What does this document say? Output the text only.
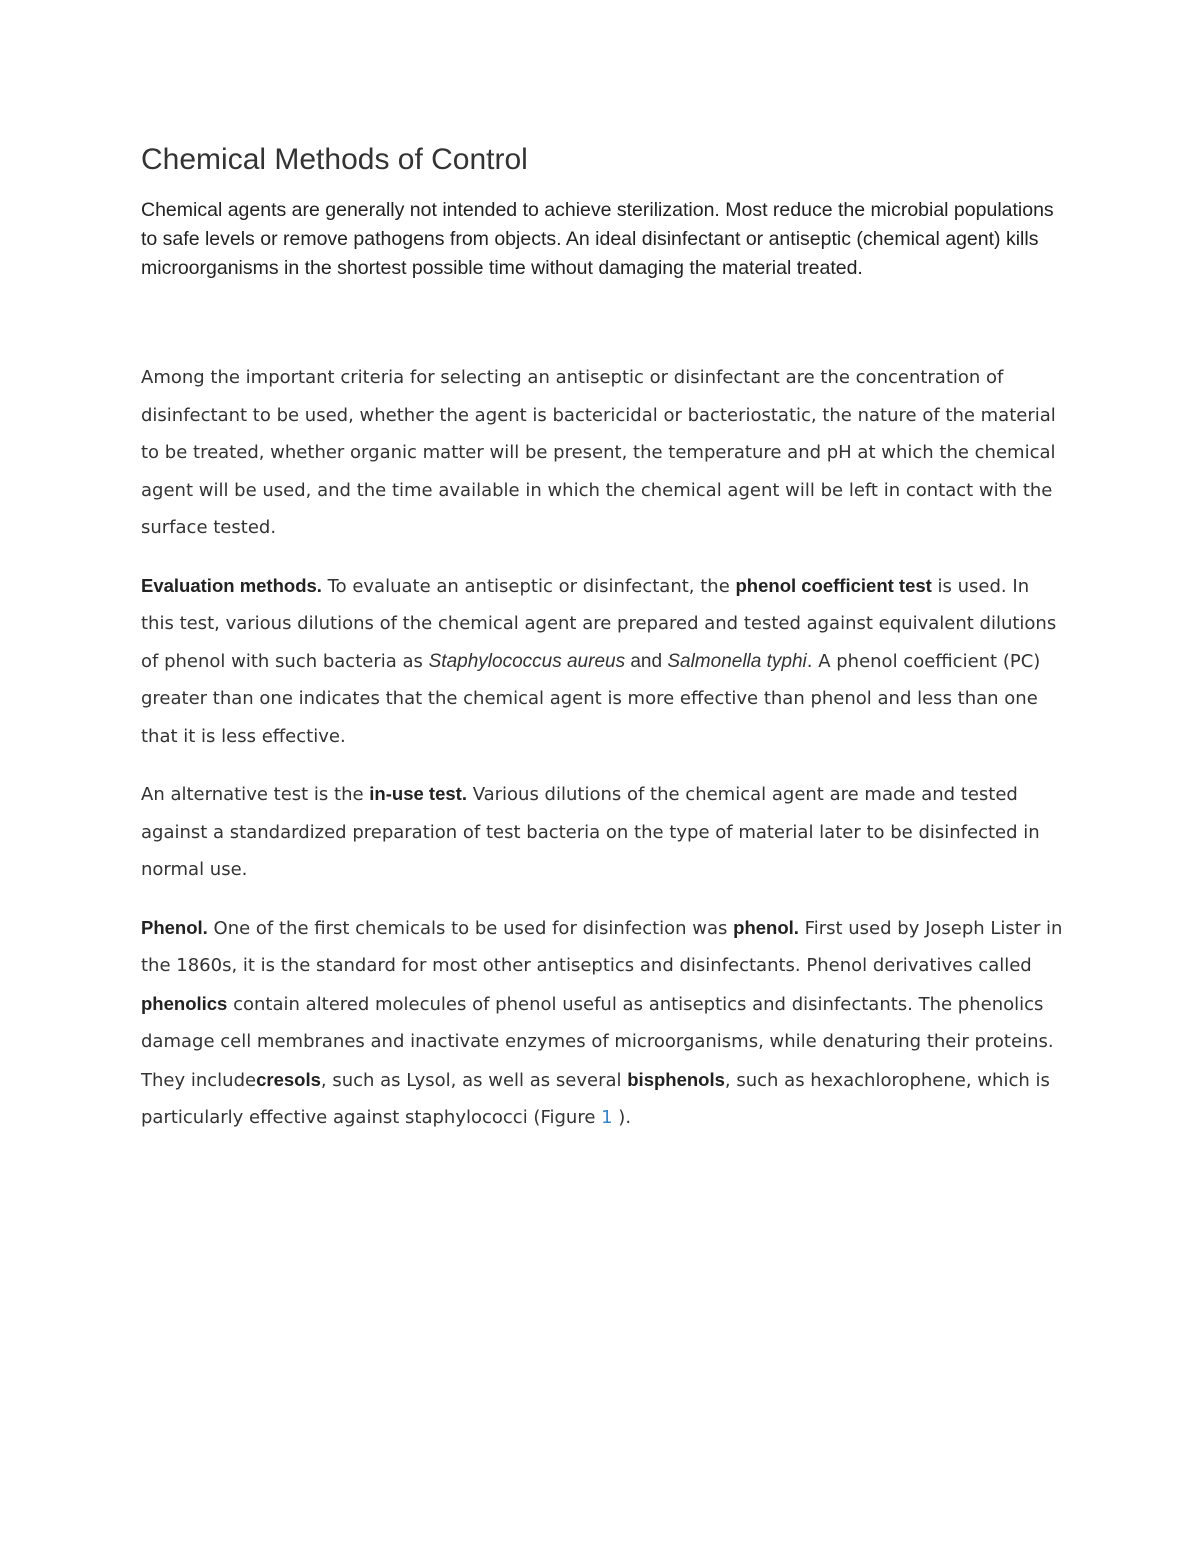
Chemical Methods of Control

Chemical agents are generally not intended to achieve sterilization. Most reduce the microbial populations to safe levels or remove pathogens from objects. An ideal disinfectant or antiseptic (chemical agent) kills microorganisms in the shortest possible time without damaging the material treated.

Among the important criteria for selecting an antiseptic or disinfectant are the concentration of disinfectant to be used, whether the agent is bactericidal or bacteriostatic, the nature of the material to be treated, whether organic matter will be present, the temperature and pH at which the chemical agent will be used, and the time available in which the chemical agent will be left in contact with the surface tested.

Evaluation methods. To evaluate an antiseptic or disinfectant, the phenol coefficient test is used. In this test, various dilutions of the chemical agent are prepared and tested against equivalent dilutions of phenol with such bacteria as Staphylococcus aureus and Salmonella typhi. A phenol coefficient (PC) greater than one indicates that the chemical agent is more effective than phenol and less than one that it is less effective.

An alternative test is the in-use test. Various dilutions of the chemical agent are made and tested against a standardized preparation of test bacteria on the type of material later to be disinfected in normal use.

Phenol. One of the first chemicals to be used for disinfection was phenol. First used by Joseph Lister in the 1860s, it is the standard for most other antiseptics and disinfectants. Phenol derivatives called phenolics contain altered molecules of phenol useful as antiseptics and disinfectants. The phenolics damage cell membranes and inactivate enzymes of microorganisms, while denaturing their proteins. They includecresols, such as Lysol, as well as several bisphenols, such as hexachlorophene, which is particularly effective against staphylococci (Figure 1 ).
